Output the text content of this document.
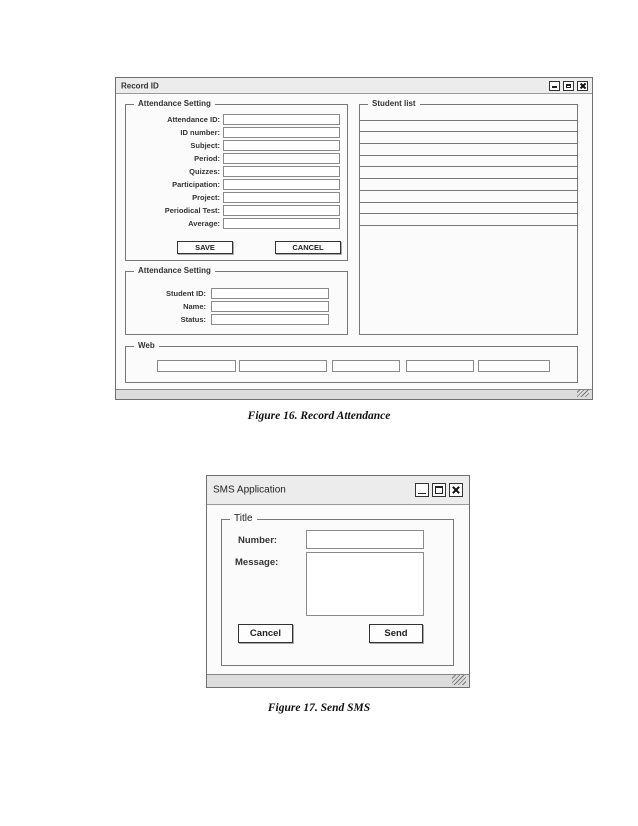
Record ID
Attendance Setting
Attendance ID:
ID number:
Subject:
Period:
Quizzes:
Participation:
Project:
Periodical Test:
Average:
SAVE	CANCEL
Attendance Setting
Student ID:
Name:
Status:
Student list
Web
Figure 16. Record Attendance
SMS Application
Title
Number:
Message:
Cancel	Send
Figure 17. Send SMS
